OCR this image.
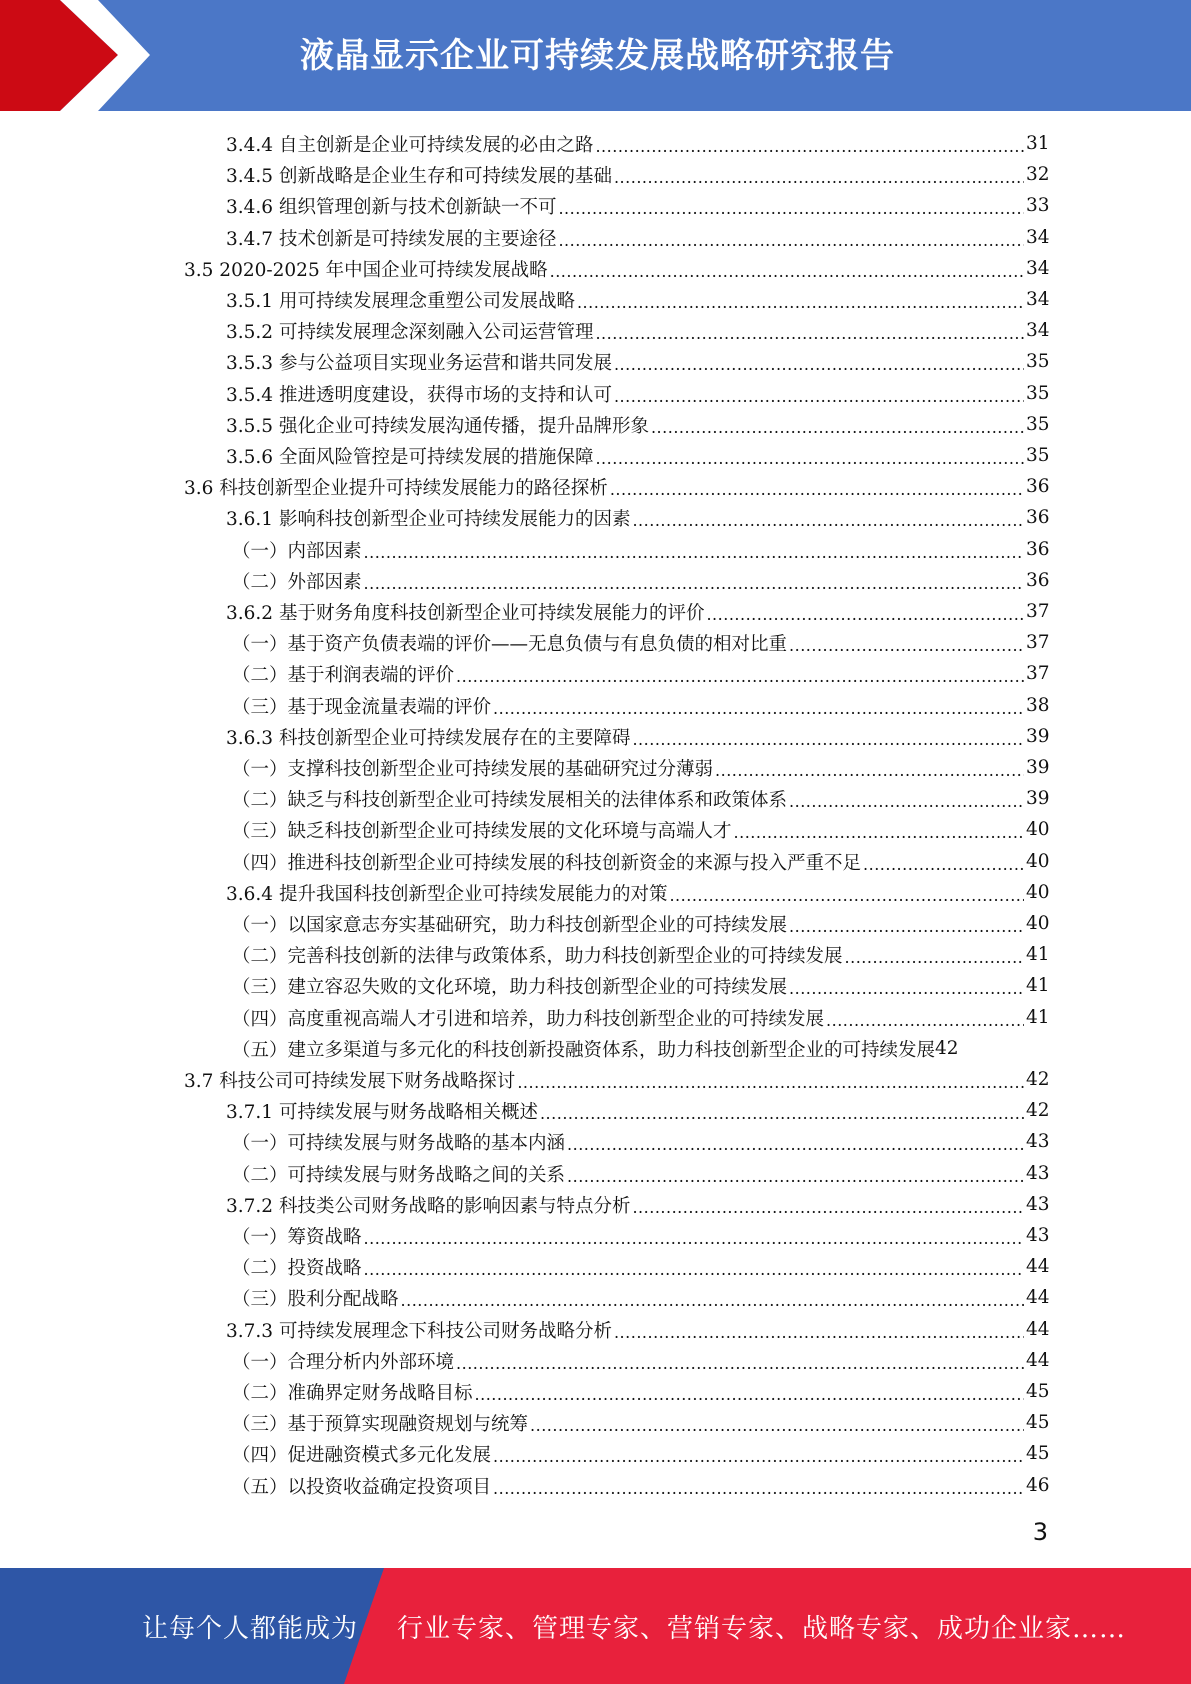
液晶显示企业可持续发展战略研究报告
3.4.4 自主创新是企业可持续发展的必由之路 .....	31
3.4.5 创新战略是企业生存和可持续发展的基础 .....	32
3.4.6 组织管理创新与技术创新缺一不可 .....	33
3.4.7 技术创新是可持续发展的主要途径 .....	34
3.5 2020-2025 年中国企业可持续发展战略 .....	34
3.5.1 用可持续发展理念重塑公司发展战略 .....	34
3.5.2 可持续发展理念深刻融入公司运营管理 .....	34
3.5.3 参与公益项目实现业务运营和谐共同发展 .....	35
3.5.4 推进透明度建设，获得市场的支持和认可 .....	35
3.5.5 强化企业可持续发展沟通传播，提升品牌形象 .....	35
3.5.6 全面风险管控是可持续发展的措施保障 .....	35
3.6 科技创新型企业提升可持续发展能力的路径探析 .....	36
3.6.1 影响科技创新型企业可持续发展能力的因素 .....	36
（一）内部因素 .....	36
（二）外部因素 .....	36
3.6.2 基于财务角度科技创新型企业可持续发展能力的评价 .....	37
（一）基于资产负债表端的评价——无息负债与有息负债的相对比重 .....	37
（二）基于利润表端的评价 .....	37
（三）基于现金流量表端的评价 .....	38
3.6.3 科技创新型企业可持续发展存在的主要障碍 .....	39
（一）支撑科技创新型企业可持续发展的基础研究过分薄弱 .....	39
（二）缺乏与科技创新型企业可持续发展相关的法律体系和政策体系 .....	39
（三）缺乏科技创新型企业可持续发展的文化环境与高端人才 .....	40
（四）推进科技创新型企业可持续发展的科技创新资金的来源与投入严重不足 .....	40
3.6.4 提升我国科技创新型企业可持续发展能力的对策 .....	40
（一）以国家意志夯实基础研究，助力科技创新型企业的可持续发展 .....	40
（二）完善科技创新的法律与政策体系，助力科技创新型企业的可持续发展 .....	41
（三）建立容忍失败的文化环境，助力科技创新型企业的可持续发展 .....	41
（四）高度重视高端人才引进和培养，助力科技创新型企业的可持续发展 .....	41
（五）建立多渠道与多元化的科技创新投融资体系，助力科技创新型企业的可持续发展 42
3.7 科技公司可持续发展下财务战略探讨 .....	42
3.7.1 可持续发展与财务战略相关概述 .....	42
（一）可持续发展与财务战略的基本内涵 .....	43
（二）可持续发展与财务战略之间的关系 .....	43
3.7.2 科技类公司财务战略的影响因素与特点分析 .....	43
（一）筹资战略 .....	43
（二）投资战略 .....	44
（三）股利分配战略 .....	44
3.7.3 可持续发展理念下科技公司财务战略分析 .....	44
（一）合理分析内外部环境 .....	44
（二）准确界定财务战略目标 .....	45
（三）基于预算实现融资规划与统筹 .....	45
（四）促进融资模式多元化发展 .....	45
（五）以投资收益确定投资项目 .....	46
3
让每个人都能成为 行业专家、管理专家、营销专家、战略专家、成功企业家……
